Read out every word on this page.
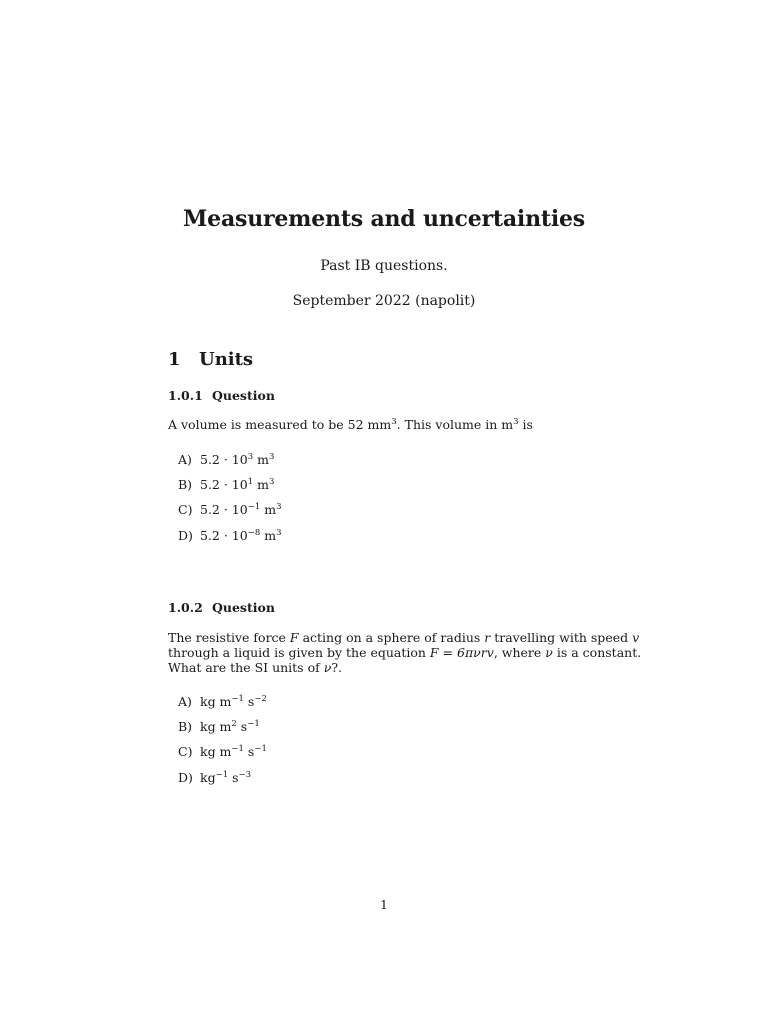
Measurements and uncertainties
Past IB questions.
September 2022 (napolit)
1 Units
1.0.1 Question
A volume is measured to be 52 $mm^3$. This volume in $m^3$ is
A) $5.2 \cdot 10^3$ $m^3$
B) $5.2 \cdot 10^1$ $m^3$
C) $5.2 \cdot 10^{-1}$ $m^3$
D) $5.2 \cdot 10^{-8}$ $m^3$
1.0.2 Question
The resistive force F acting on a sphere of radius r travelling with speed v
through a liquid is given by the equation F = 6πνrv, where ν is a constant.
What are the SI units of ν?.
A) kg $m^{-1}$ $s^{-2}$
B) kg $m^2$ $s^{-1}$
C) kg $m^{-1}$ $s^{-1}$
D) $kg^{-1}$ $s^{-3}$
1
